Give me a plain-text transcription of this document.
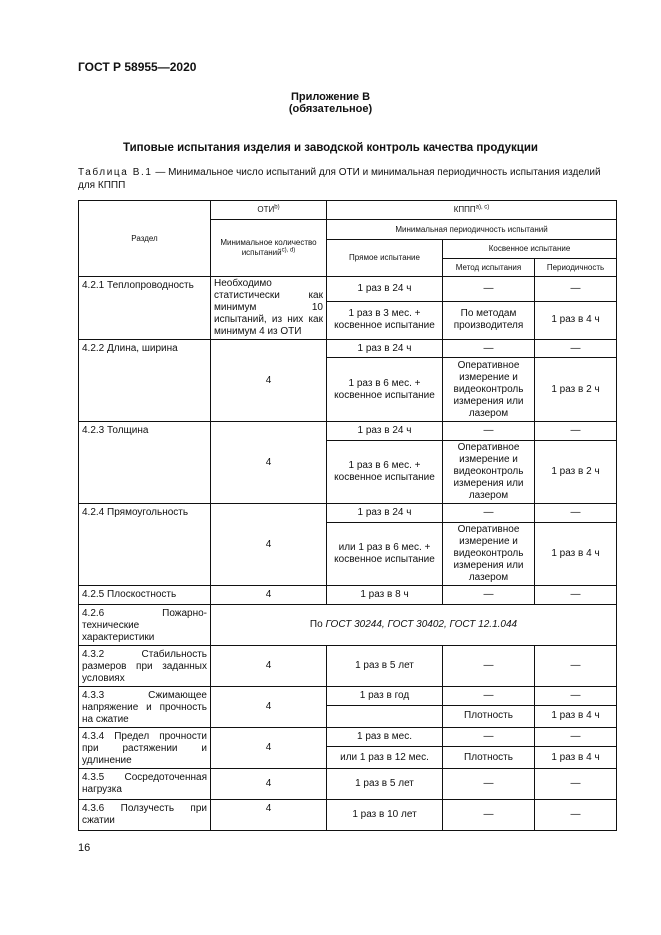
ГОСТ Р 58955—2020
Приложение В
(обязательное)
Типовые испытания изделия и заводской контроль качества продукции
Таблица В.1 — Минимальное число испытаний для ОТИ и минимальная периодичность испытания изделий для КППП
Раздел	ОТИ$^{b)}$	$КППП^{a), c)}$
	Минимальное количество испытаний$^{c), d)}$	Минимальная периодичность испытаний		
		Прямое испытание	Косвенное испытание	
			Метод испытания	Периодичность
4.2.1 Теплопроводность	Необходимо статистически как минимум 10 испытаний, из них как минимум 4 из ОТИ	1 раз в 24 ч	—	—
		1 раз в 3 мес. + косвенное испытание	По методам производителя	1 раз в 4 ч
4.2.2 Длина, ширина	4	1 раз в 24 ч	—	—
		1 раз в 6 мес. + косвенное испытание	Оперативное измерение и видеоконтроль измерения или лазером	1 раз в 2 ч
4.2.3 Толщина	4	1 раз в 24 ч	—	—
		1 раз в 6 мес. + косвенное испытание	Оперативное измерение и видеоконтроль измерения или лазером	1 раз в 2 ч
4.2.4 Прямоугольность	4	1 раз в 24 ч	—	—
		или 1 раз в 6 мес. + косвенное испытание	Оперативное измерение и видеоконтроль измерения или лазером	1 раз в 4 ч
4.2.5 Плоскостность	4	1 раз в 8 ч	—	—
4.2.6 Пожарно-технические характеристики	По ГОСТ 30244, ГОСТ 30402, ГОСТ 12.1.044			
4.3.2 Стабильность размеров при заданных условиях	4	1 раз в 5 лет	—	—
4.3.3 Сжимающее напряжение и прочность на сжатие	4	1 раз в год	—	—
			Плотность	1 раз в 4 ч
4.3.4 Предел прочности при растяжении и удлинение	4	1 раз в мес.	—	—
		или 1 раз в 12 мес.	Плотность	1 раз в 4 ч
4.3.5 Сосредоточенная нагрузка	4	1 раз в 5 лет	—	—
4.3.6 Ползучесть при сжатии	4	1 раз в 10 лет	—	—
16
